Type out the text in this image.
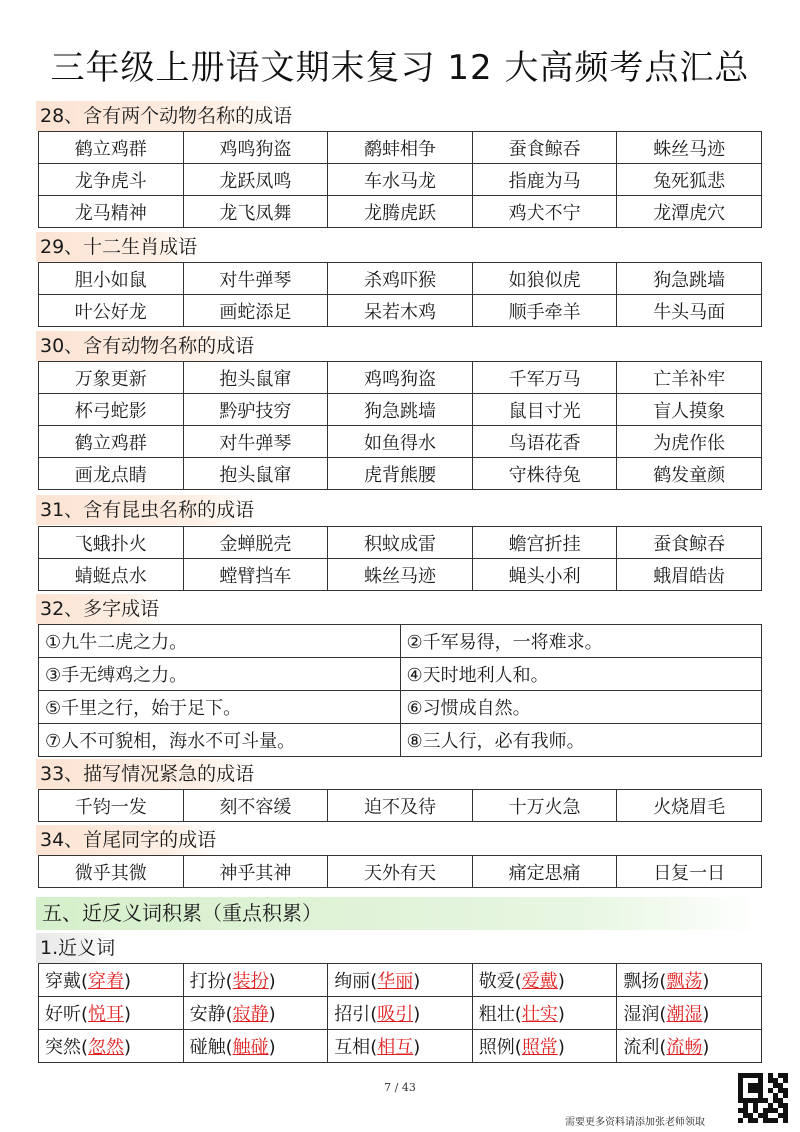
三年级上册语文期末复习 12 大高频考点汇总
28、含有两个动物名称的成语
鹤立鸡群	鸡鸣狗盗	鹬蚌相争	蚕食鲸吞	蛛丝马迹
龙争虎斗	龙跃凤鸣	车水马龙	指鹿为马	兔死狐悲
龙马精神	龙飞凤舞	龙腾虎跃	鸡犬不宁	龙潭虎穴
29、十二生肖成语
胆小如鼠	对牛弹琴	杀鸡吓猴	如狼似虎	狗急跳墙
叶公好龙	画蛇添足	呆若木鸡	顺手牵羊	牛头马面
30、含有动物名称的成语
万象更新	抱头鼠窜	鸡鸣狗盗	千军万马	亡羊补牢
杯弓蛇影	黔驴技穷	狗急跳墙	鼠目寸光	盲人摸象
鹤立鸡群	对牛弹琴	如鱼得水	鸟语花香	为虎作伥
画龙点睛	抱头鼠窜	虎背熊腰	守株待兔	鹤发童颜
31、含有昆虫名称的成语
飞蛾扑火	金蝉脱壳	积蚊成雷	蟾宫折挂	蚕食鲸吞
蜻蜓点水	螳臂挡车	蛛丝马迹	蝇头小利	蛾眉皓齿
32、多字成语
①九牛二虎之力。	②千军易得，一将难求。
③手无缚鸡之力。	④天时地利人和。
⑤千里之行，始于足下。	⑥习惯成自然。
⑦人不可貌相，海水不可斗量。	⑧三人行，必有我师。
33、描写情况紧急的成语
千钧一发	刻不容缓	迫不及待	十万火急	火烧眉毛
34、首尾同字的成语
微乎其微	神乎其神	天外有天	痛定思痛	日复一日
五、近反义词积累（重点积累）
1.近义词
穿戴(穿着)	打扮(装扮)	绚丽(华丽)	敬爱(爱戴)	飘扬(飘荡)
好听(悦耳)	安静(寂静)	招引(吸引)	粗壮(壮实)	湿润(潮湿)
突然(忽然)	碰触(触碰)	互相(相互)	照例(照常)	流利(流畅)
7 / 43
需要更多资料请添加张老师领取
